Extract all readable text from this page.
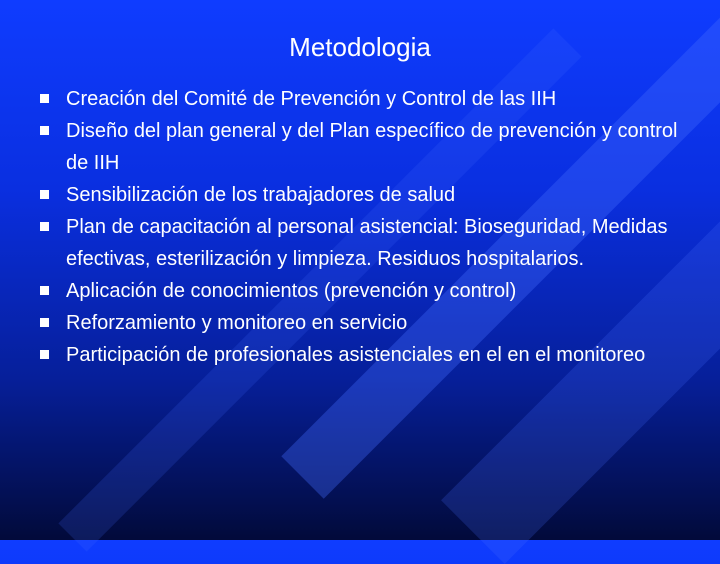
Metodologia
Creación del Comité de Prevención y Control de las IIH
Diseño del plan general y del Plan específico de prevención y control de IIH
Sensibilización de los trabajadores de salud
Plan de capacitación al personal asistencial: Bioseguridad, Medidas efectivas, esterilización y limpieza. Residuos hospitalarios.
Aplicación de conocimientos (prevención y control)
Reforzamiento y monitoreo en servicio
Participación de profesionales asistenciales en el en el monitoreo
